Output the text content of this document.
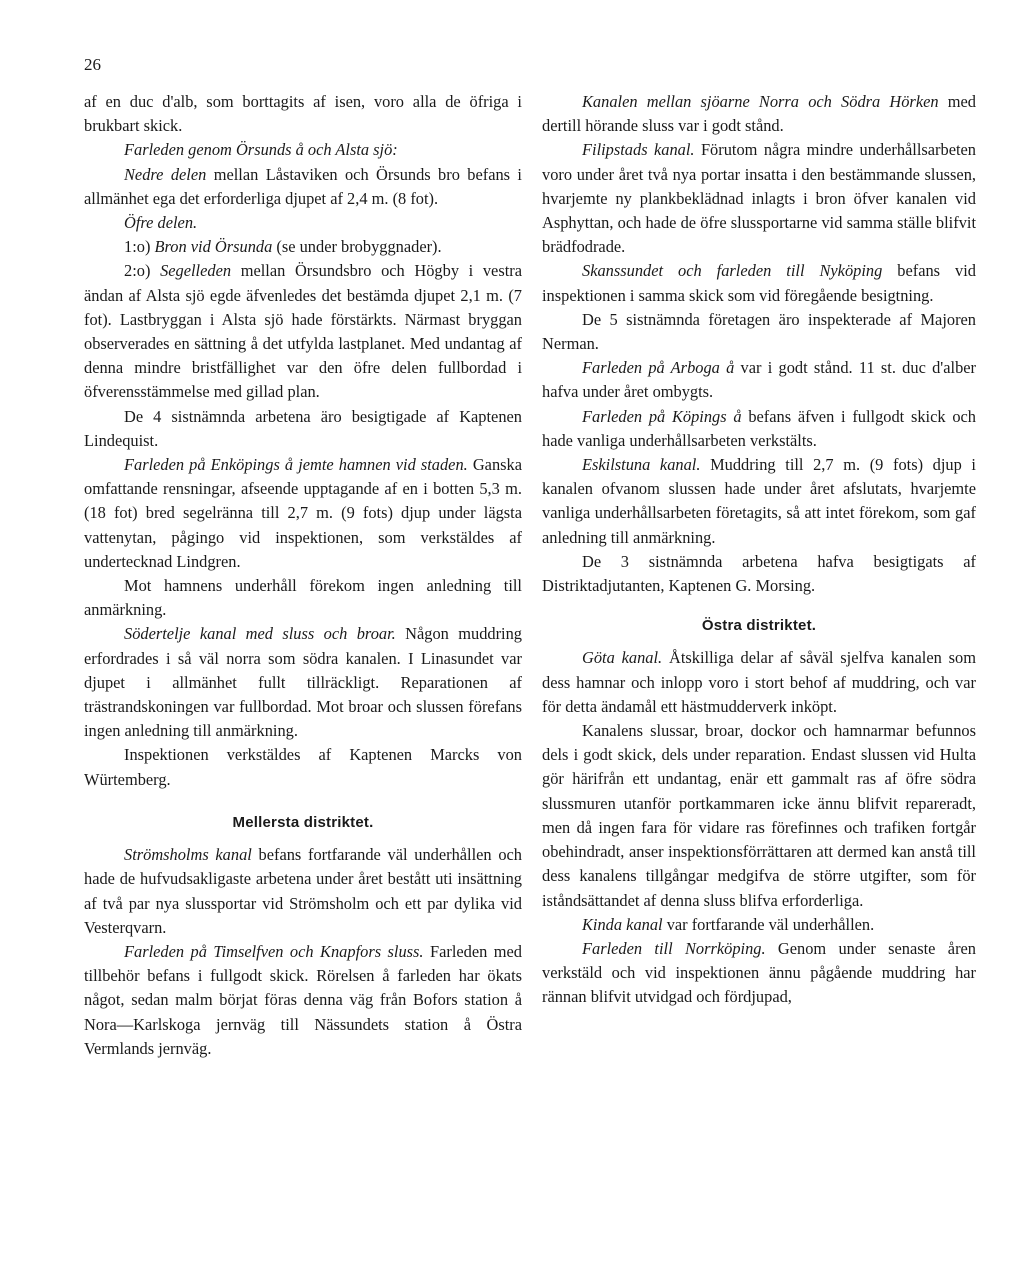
26

af en duc d'alb, som borttagits af isen, voro alla de öfriga i brukbart skick.

Farleden genom Örsunds å och Alsta sjö:

Nedre delen mellan Låstaviken och Örsunds bro befans i allmänhet ega det erforderliga djupet af 2,4 m. (8 fot).

Öfre delen.

1:o) Bron vid Örsunda (se under brobyggnader).

2:o) Segelleden mellan Örsundsbro och Högby i vestra ändan af Alsta sjö egde äfvenledes det bestämda djupet 2,1 m. (7 fot). Lastbryggan i Alsta sjö hade förstärkts. Närmast bryggan observerades en sättning å det utfylda lastplanet. Med undantag af denna mindre bristfällighet var den öfre delen fullbordad i öfverensstämmelse med gillad plan.

De 4 sistnämnda arbetena äro besigtigade af Kaptenen Lindequist.

Farleden på Enköpings å jemte hamnen vid staden. Ganska omfattande rensningar, afseende upptagande af en i botten 5,3 m. (18 fot) bred segelränna till 2,7 m. (9 fots) djup under lägsta vattenytan, pågingo vid inspektionen, som verkstäldes af undertecknad Lindgren.

Mot hamnens underhåll förekom ingen anledning till anmärkning.

Södertelje kanal med sluss och broar. Någon muddring erfordrades i så väl norra som södra kanalen. I Linasundet var djupet i allmänhet fullt tillräckligt. Reparationen af trästrandskoningen var fullbordad. Mot broar och slussen förefans ingen anledning till anmärkning.

Inspektionen verkstäldes af Kaptenen Marcks von Würtemberg.

Mellersta distriktet.

Strömsholms kanal befans fortfarande väl underhållen och hade de hufvudsakligaste arbetena under året bestått uti insättning af två par nya slussportar vid Strömsholm och ett par dylika vid Vesterqvarn.

Farleden på Timselfven och Knapfors sluss. Farleden med tillbehör befans i fullgodt skick. Rörelsen å farleden har ökats något, sedan malm börjat föras denna väg från Bofors station å Nora—Karlskoga jernväg till Nässundets station å Östra Vermlands jernväg.

Kanalen mellan sjöarne Norra och Södra Hörken med dertill hörande sluss var i godt stånd.

Filipstads kanal. Förutom några mindre underhållsarbeten voro under året två nya portar insatta i den bestämmande slussen, hvarjemte ny plankbeklädnad inlagts i bron öfver kanalen vid Asphyttan, och hade de öfre slussportarne vid samma ställe blifvit brädfodrade.

Skanssundet och farleden till Nyköping befans vid inspektionen i samma skick som vid föregående besigtning.

De 5 sistnämnda företagen äro inspekterade af Majoren Nerman.

Farleden på Arboga å var i godt stånd. 11 st. duc d'alber hafva under året ombygts.

Farleden på Köpings å befans äfven i fullgodt skick och hade vanliga underhållsarbeten verkstälts.

Eskilstuna kanal. Muddring till 2,7 m. (9 fots) djup i kanalen ofvanom slussen hade under året afslutats, hvarjemte vanliga underhållsarbeten företagits, så att intet förekom, som gaf anledning till anmärkning.

De 3 sistnämnda arbetena hafva besigtigats af Distriktadjutanten, Kaptenen G. Morsing.

Östra distriktet.

Göta kanal. Åtskilliga delar af såväl sjelfva kanalen som dess hamnar och inlopp voro i stort behof af muddring, och var för detta ändamål ett hästmudderverk inköpt.

Kanalens slussar, broar, dockor och hamnarmar befunnos dels i godt skick, dels under reparation. Endast slussen vid Hulta gör härifrån ett undantag, enär ett gammalt ras af öfre södra slussmuren utanför portkammaren icke ännu blifvit repareradt, men då ingen fara för vidare ras förefinnes och trafiken fortgår obehindradt, anser inspektionsförrättaren att dermed kan anstå till dess kanalens tillgångar medgifva de större utgifter, som för iståndsättandet af denna sluss blifva erforderliga.

Kinda kanal var fortfarande väl underhållen.

Farleden till Norrköping. Genom under senaste åren verkstäld och vid inspektionen ännu pågående muddring har rännan blifvit utvidgad och fördjupad,
